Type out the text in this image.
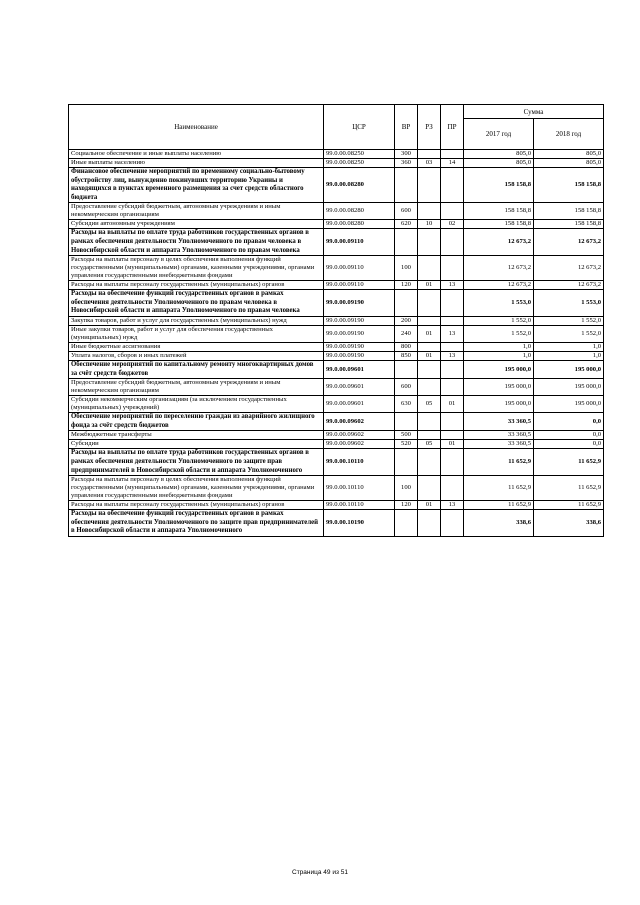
Наименование	ЦСР	ВР	РЗ	ПР	Сумма	
					2017 год	2018 год
Социальное обеспечение и иные выплаты населению	99.0.00.08250	300			805,0	805,0
Иные выплаты населению	99.0.00.08250	360	03	14	805,0	805,0
Финансовое обеспечение мероприятий по временному социально-бытовому обустройству лиц, вынужденно покинувших территорию Украины и находящихся в пунктах временного размещения за счет средств областного бюджета	99.0.00.08280				158 158,8	158 158,8
Предоставление субсидий бюджетным, автономным учреждениям и иным некоммерческим организациям	99.0.00.08280	600			158 158,8	158 158,8
Субсидии автономным учреждениям	99.0.00.08280	620	10	02	158 158,8	158 158,8
Расходы на выплаты по оплате труда работников государственных органов в рамках обеспечения деятельности Уполномоченного по правам человека в Новосибирской области и аппарата Уполномоченного по правам человека	99.0.00.09110				12 673,2	12 673,2
Расходы на выплаты персоналу в целях обеспечения выполнения функций государственными (муниципальными) органами, казенными учреждениями, органами управления государственными внебюджетными фондами	99.0.00.09110	100			12 673,2	12 673,2
Расходы на выплаты персоналу государственных (муниципальных) органов	99.0.00.09110	120	01	13	12 673,2	12 673,2
Расходы на обеспечение функций государственных органов в рамках обеспечения деятельности Уполномоченного по правам человека в Новосибирской области и аппарата Уполномоченного по правам человека	99.0.00.09190				1 553,0	1 553,0
Закупка товаров, работ и услуг для государственных (муниципальных) нужд	99.0.00.09190	200			1 552,0	1 552,0
Иные закупки товаров, работ и услуг для обеспечения государственных (муниципальных) нужд	99.0.00.09190	240	01	13	1 552,0	1 552,0
Иные бюджетные ассигнования	99.0.00.09190	800			1,0	1,0
Уплата налогов, сборов и иных платежей	99.0.00.09190	850	01	13	1,0	1,0
Обеспечение мероприятий по капитальному ремонту многоквартирных домов за счёт средств бюджетов	99.0.00.09601				195 000,0	195 000,0
Предоставление субсидий бюджетным, автономным учреждениям и иным некоммерческим организациям	99.0.00.09601	600			195 000,0	195 000,0
Субсидии некоммерческим организациям (за исключением государственных (муниципальных) учреждений)	99.0.00.09601	630	05	01	195 000,0	195 000,0
Обеспечение мероприятий по переселению граждан из аварийного жилищного фонда за счёт средств бюджетов	99.0.00.09602				33 360,5	0,0
Межбюджетные трансферты	99.0.00.09602	500			33 360,5	0,0
Субсидии	99.0.00.09602	520	05	01	33 360,5	0,0
Расходы на выплаты по оплате труда работников государственных органов в рамках обеспечения деятельности Уполномоченного по защите прав предпринимателей в Новосибирской области и аппарата Уполномоченного	99.0.00.10110				11 652,9	11 652,9
Расходы на выплаты персоналу в целях обеспечения выполнения функций государственными (муниципальными) органами, казенными учреждениями, органами управления государственными внебюджетными фондами	99.0.00.10110	100			11 652,9	11 652,9
Расходы на выплаты персоналу государственных (муниципальных) органов	99.0.00.10110	120	01	13	11 652,9	11 652,9
Расходы на обеспечение функций государственных органов в рамках обеспечения деятельности Уполномоченного по защите прав предпринимателей в Новосибирской области и аппарата Уполномоченного	99.0.00.10190				338,6	338,6
Страница 49 из 51
